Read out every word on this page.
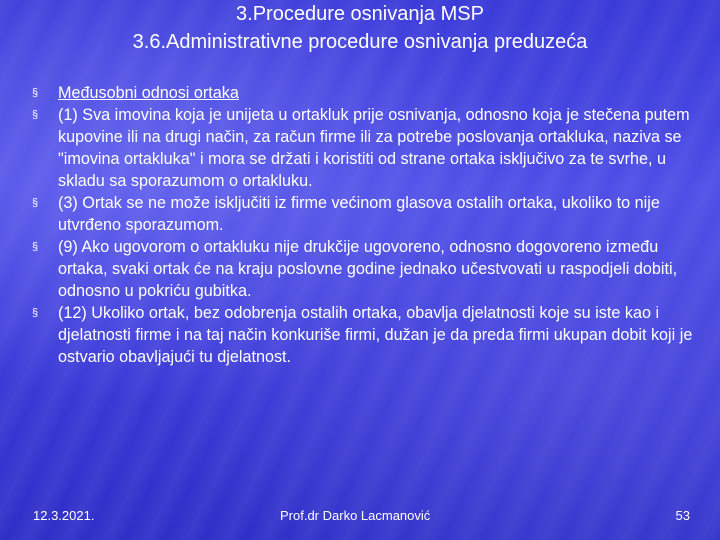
3.Procedure osnivanja MSP
3.6.Administrativne procedure osnivanja preduzeća
§	Međusobni odnosi ortaka
§	(1) Sva imovina koja je unijeta u ortakluk prije osnivanja, odnosno koja je stečena putem kupovine ili na drugi način, za račun firme ili za potrebe poslovanja ortakluka, naziva se "imovina ortakluka" i mora se držati i koristiti od strane ortaka isključivo za te svrhe, u skladu sa sporazumom o ortakluku.
§	(3) Ortak se ne može isključiti iz firme većinom glasova ostalih ortaka, ukoliko to nije utvrđeno sporazumom.
§	(9) Ako ugovorom o ortakluku nije drukčije ugovoreno, odnosno dogovoreno između ortaka, svaki ortak će na kraju poslovne godine jednako učestvovati u raspodjeli dobiti, odnosno u pokriću gubitka.
§	(12) Ukoliko ortak, bez odobrenja ostalih ortaka, obavlja djelatnosti koje su iste kao i djelatnosti firme i na taj način konkuriše firmi, dužan je da preda firmi ukupan dobit koji je ostvario obavljajući tu djelatnost.
12.3.2021.	Prof.dr Darko Lacmanović	53
